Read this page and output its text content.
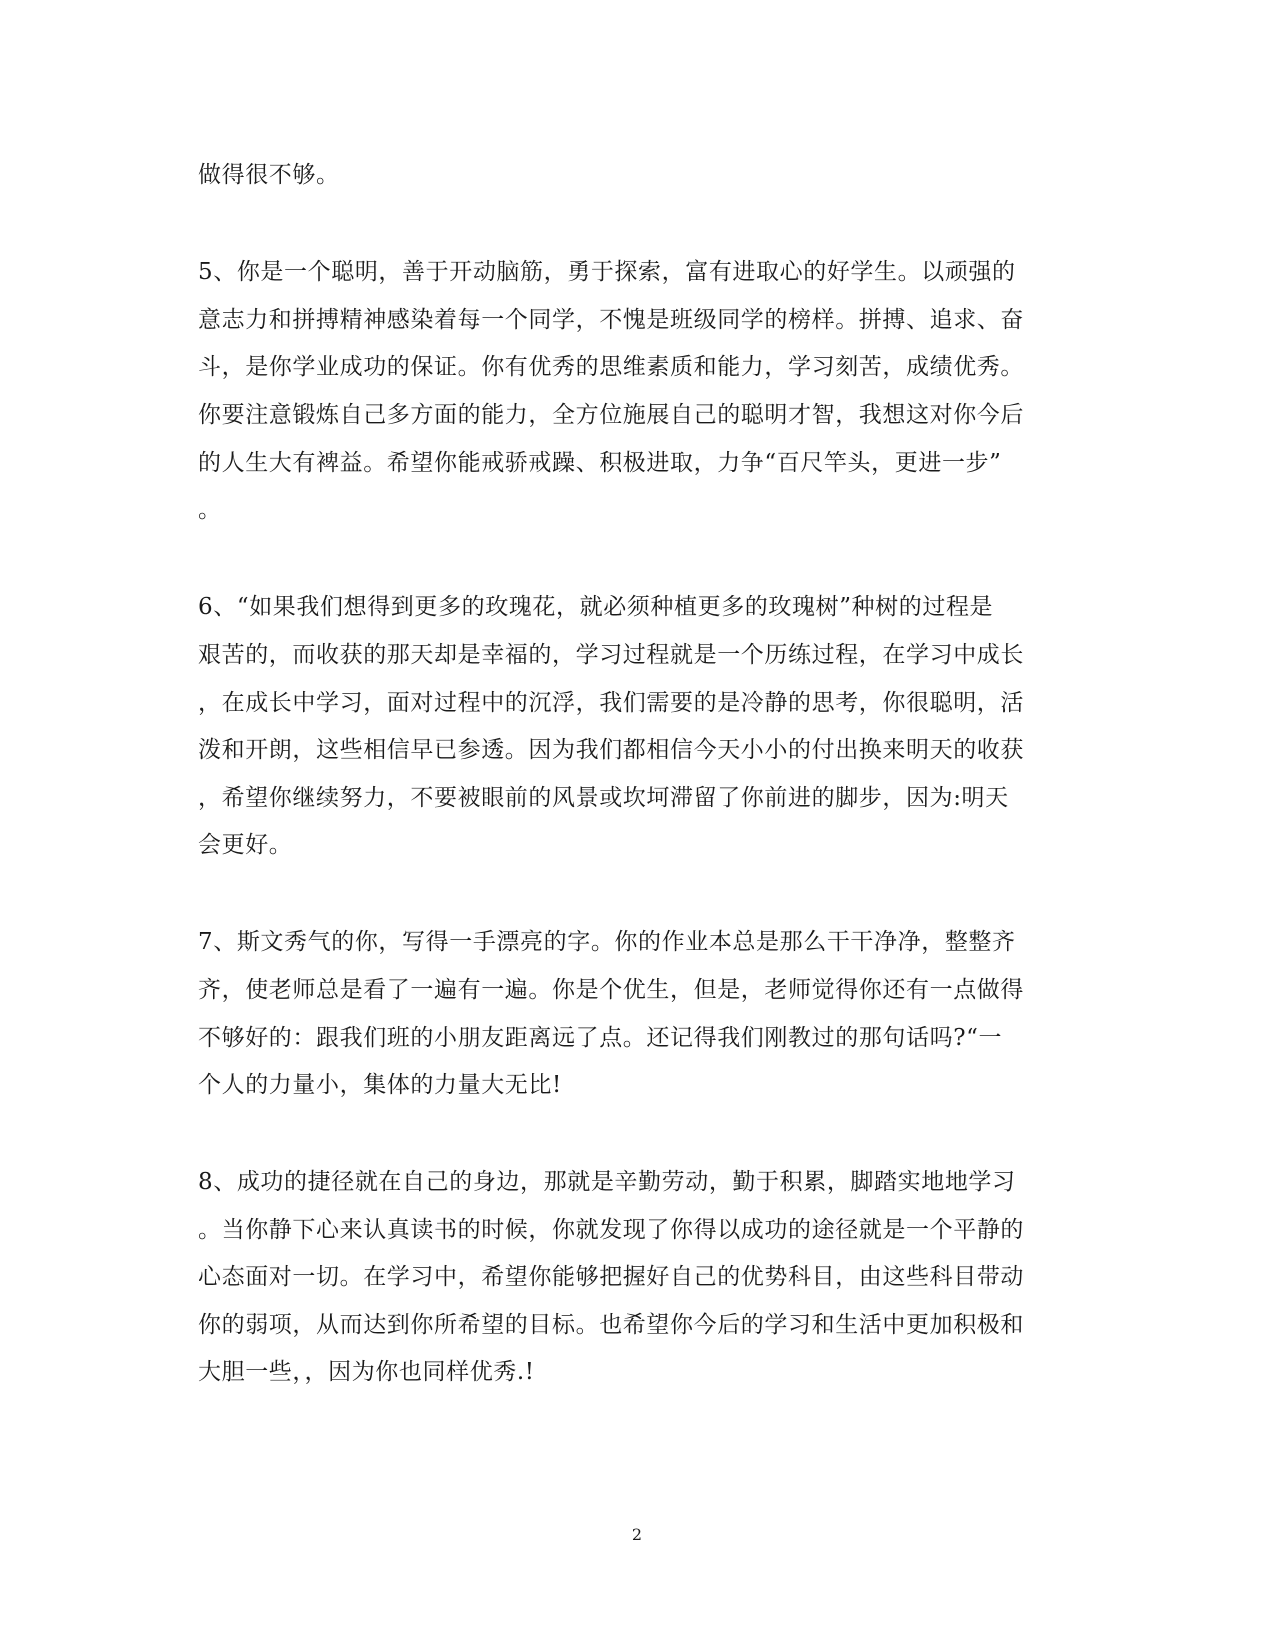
做得很不够。
5、你是一个聪明，善于开动脑筋，勇于探索，富有进取心的好学生。以顽强的
意志力和拼搏精神感染着每一个同学，不愧是班级同学的榜样。拼搏、追求、奋
斗，是你学业成功的保证。你有优秀的思维素质和能力，学习刻苦，成绩优秀。
你要注意锻炼自己多方面的能力，全方位施展自己的聪明才智，我想这对你今后
的人生大有裨益。希望你能戒骄戒躁、积极进取，力争“百尺竿头，更进一步”
。
6、“如果我们想得到更多的玫瑰花，就必须种植更多的玫瑰树”种树的过程是
艰苦的，而收获的那天却是幸福的，学习过程就是一个历练过程，在学习中成长
，在成长中学习，面对过程中的沉浮，我们需要的是冷静的思考，你很聪明，活
泼和开朗，这些相信早已参透。因为我们都相信今天小小的付出换来明天的收获
，希望你继续努力，不要被眼前的风景或坎坷滞留了你前进的脚步，因为:明天
会更好。
7、斯文秀气的你，写得一手漂亮的字。你的作业本总是那么干干净净，整整齐
齐，使老师总是看了一遍有一遍。你是个优生，但是，老师觉得你还有一点做得
不够好的：跟我们班的小朋友距离远了点。还记得我们刚教过的那句话吗?“一
个人的力量小，集体的力量大无比!
8、成功的捷径就在自己的身边，那就是辛勤劳动，勤于积累，脚踏实地地学习
。当你静下心来认真读书的时候，你就发现了你得以成功的途径就是一个平静的
心态面对一切。在学习中，希望你能够把握好自己的优势科目，由这些科目带动
你的弱项，从而达到你所希望的目标。也希望你今后的学习和生活中更加积极和
大胆一些，，因为你也同样优秀.!
2
